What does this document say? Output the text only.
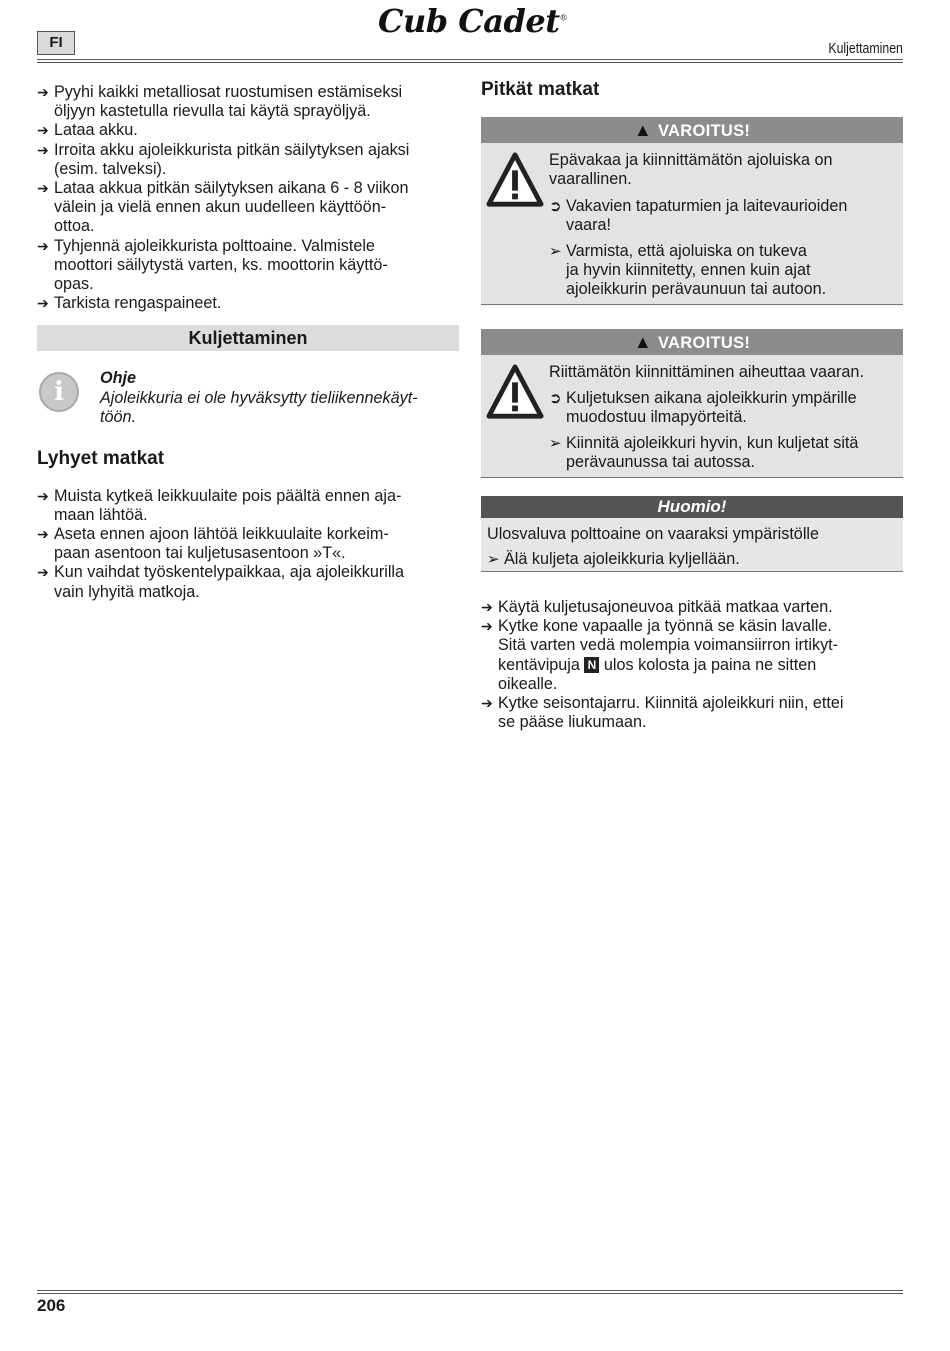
FI
Cub Cadet®
Kuljettaminen
➔ Pyyhi kaikki metalliosat ruostumisen estämiseksi
öljyyn kastetulla rievulla tai käytä sprayöljyä.
➔ Lataa akku.
➔ Irroita akku ajoleikkurista pitkän säilytyksen ajaksi
(esim. talveksi).
➔ Lataa akkua pitkän säilytyksen aikana 6 - 8 viikon
välein ja vielä ennen akun uudelleen käyttöön-
ottoa.
➔ Tyhjennä ajoleikkurista polttoaine. Valmistele
moottori säilytystä varten, ks. moottorin käyttö-
opas.
➔ Tarkista rengaspaineet.
Kuljettaminen
i	Ohje
Ajoleikkuria ei ole hyväksytty tieliikennekäyt-
töön.
Lyhyet matkat
➔ Muista kytkeä leikkuulaite pois päältä ennen aja-
maan lähtöä.
➔ Aseta ennen ajoon lähtöä leikkuulaite korkeim-
paan asentoon tai kuljetusasentoon »T«.
➔ Kun vaihdat työskentelypaikkaa, aja ajoleikkurilla
vain lyhyitä matkoja.
Pitkät matkat
▲ VAROITUS!
Epävakaa ja kiinnittämätön ajoluiska on
vaarallinen.
➲ Vakavien tapaturmien ja laitevaurioiden
vaara!
➢ Varmista, että ajoluiska on tukeva
ja hyvin kiinnitetty, ennen kuin ajat
ajoleikkurin perävaunuun tai autoon.
▲ VAROITUS!
Riittämätön kiinnittäminen aiheuttaa vaaran.
➲ Kuljetuksen aikana ajoleikkurin ympärille
muodostuu ilmapyörteitä.
➢ Kiinnitä ajoleikkuri hyvin, kun kuljetat sitä
perävaunussa tai autossa.
Huomio!
Ulosvaluva polttoaine on vaaraksi ympäristölle
➢ Älä kuljeta ajoleikkuria kyljellään.
➔ Käytä kuljetusajoneuvoa pitkää matkaa varten.
➔ Kytke kone vapaalle ja työnnä se käsin lavalle.
Sitä varten vedä molempia voimansiirron irtikyt-
kentävipuja N ulos kolosta ja paina ne sitten
oikealle.
➔ Kytke seisontajarru. Kiinnitä ajoleikkuri niin, ettei
se pääse liukumaan.
206
